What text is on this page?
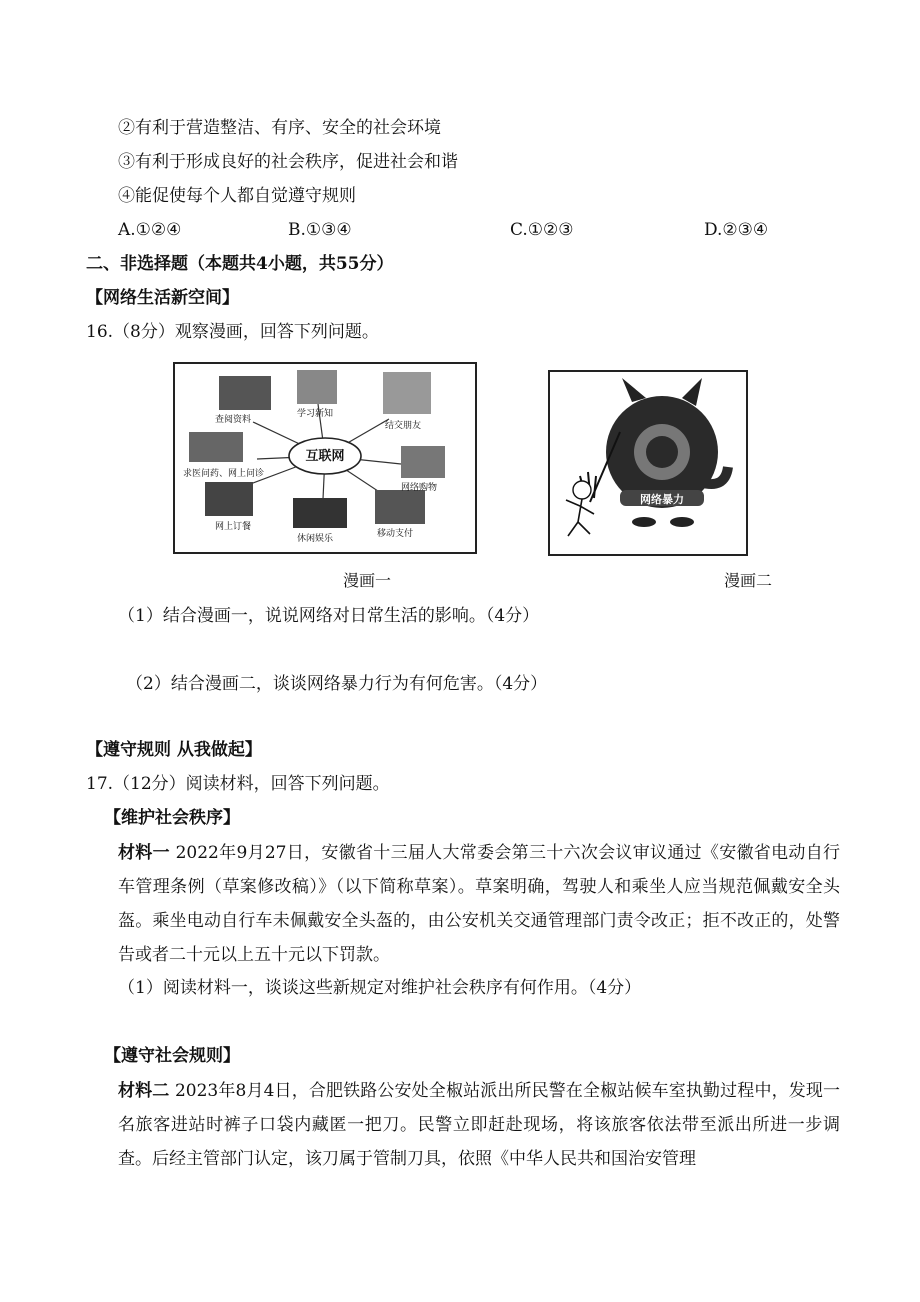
②有利于营造整洁、有序、安全的社会环境
③有利于形成良好的社会秩序，促进社会和谐
④能促使每个人都自觉遵守规则
A.①②④	B.①③④	C.①②③	D.②③④
二、非选择题（本题共4小题，共55分）
【网络生活新空间】
16.（8分）观察漫画，回答下列问题。
互联网
查阅资料
学习新知
结交朋友
求医问药、网上问诊
网络购物
网上订餐
休闲娱乐	移动支付
网络暴力
漫画一	漫画二
（1）结合漫画一，说说网络对日常生活的影响。（4分）
（2）结合漫画二，谈谈网络暴力行为有何危害。（4分）
【遵守规则 从我做起】
17.（12分）阅读材料，回答下列问题。
【维护社会秩序】
材料一 2022年9月27日，安徽省十三届人大常委会第三十六次会议审议通过《安徽省电动自行车管理条例（草案修改稿）》（以下简称草案）。草案明确，驾驶人和乘坐人应当规范佩戴安全头盔。乘坐电动自行车未佩戴安全头盔的，由公安机关交通管理部门责令改正；拒不改正的，处警告或者二十元以上五十元以下罚款。
（1）阅读材料一，谈谈这些新规定对维护社会秩序有何作用。（4分）
【遵守社会规则】
材料二 2023年8月4日，合肥铁路公安处全椒站派出所民警在全椒站候车室执勤过程中，发现一名旅客进站时裤子口袋内藏匿一把刀。民警立即赶赴现场，将该旅客依法带至派出所进一步调查。后经主管部门认定，该刀属于管制刀具，依照《中华人民共和国治安管理
